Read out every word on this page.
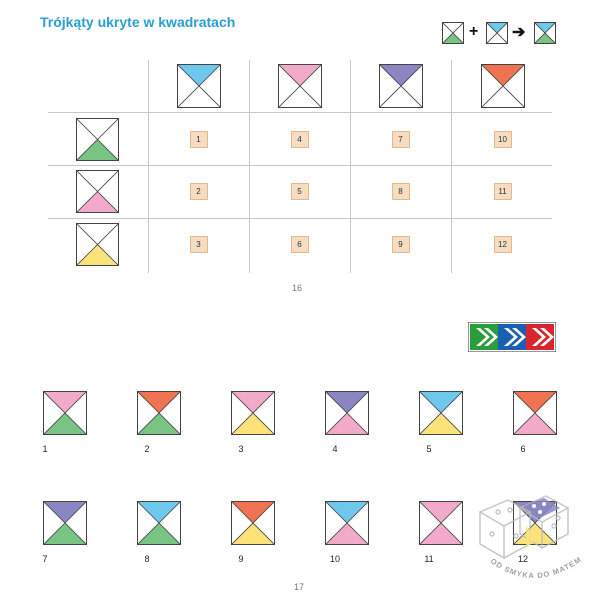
Trójkąty ukryte w kwadratach
+ ➔
1	4	7	10
2	5	8	11
3	6	9	12
16
1	2	3	4	5	6
7	8	9	10	11	12
17
OD SMYKA DO MATEM
